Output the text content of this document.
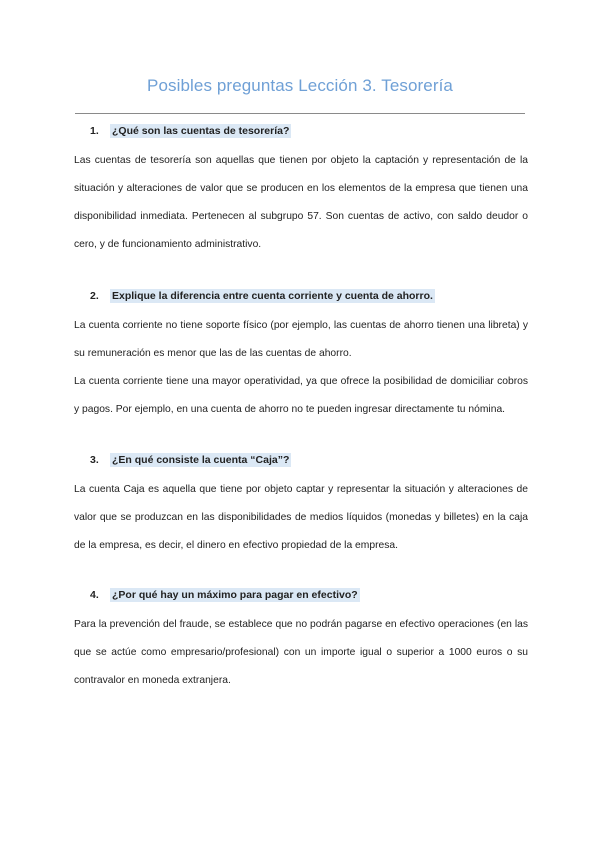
Posibles preguntas Lección 3. Tesorería
1.	¿Qué son las cuentas de tesorería?

Las cuentas de tesorería son aquellas que tienen por objeto la captación y representación de la situación y alteraciones de valor que se producen en los elementos de la empresa que tienen una disponibilidad inmediata. Pertenecen al subgrupo 57. Son cuentas de activo, con saldo deudor o cero, y de funcionamiento administrativo.

2.	Explique la diferencia entre cuenta corriente y cuenta de ahorro.

La cuenta corriente no tiene soporte físico (por ejemplo, las cuentas de ahorro tienen una libreta) y su remuneración es menor que las de las cuentas de ahorro.

La cuenta corriente tiene una mayor operatividad, ya que ofrece la posibilidad de domiciliar cobros y pagos. Por ejemplo, en una cuenta de ahorro no te pueden ingresar directamente tu nómina.

3.	¿En qué consiste la cuenta “Caja”?

La cuenta Caja es aquella que tiene por objeto captar y representar la situación y alteraciones de valor que se produzcan en las disponibilidades de medios líquidos (monedas y billetes) en la caja de la empresa, es decir, el dinero en efectivo propiedad de la empresa.

4.	¿Por qué hay un máximo para pagar en efectivo?

Para la prevención del fraude, se establece que no podrán pagarse en efectivo operaciones (en las que se actúe como empresario/profesional) con un importe igual o superior a 1000 euros o su contravalor en moneda extranjera.
